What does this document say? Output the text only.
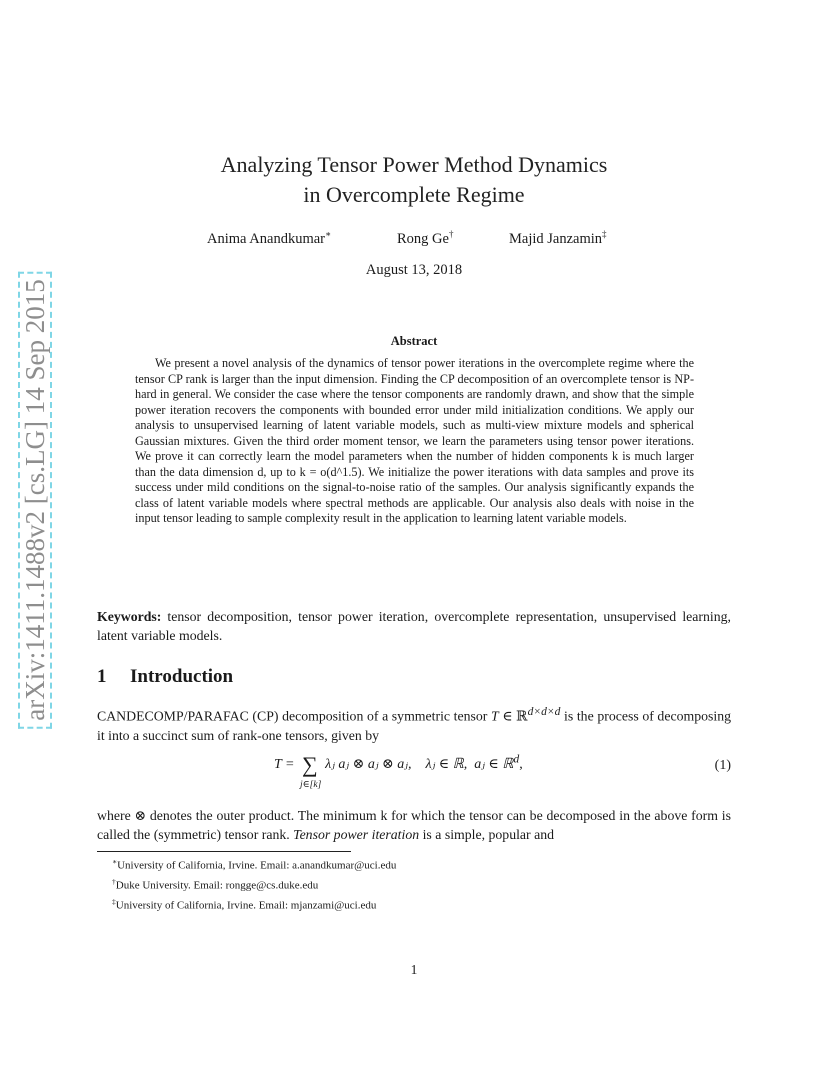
arXiv:1411.1488v2 [cs.LG] 14 Sep 2015
Analyzing Tensor Power Method Dynamics
in Overcomplete Regime
Anima Anandkumar∗	Rong Ge†	Majid Janzamin‡
August 13, 2018
Abstract

We present a novel analysis of the dynamics of tensor power iterations in the overcomplete regime where the tensor CP rank is larger than the input dimension. Finding the CP decomposition of an overcomplete tensor is NP-hard in general. We consider the case where the tensor components are randomly drawn, and show that the simple power iteration recovers the components with bounded error under mild initialization conditions. We apply our analysis to unsupervised learning of latent variable models, such as multi-view mixture models and spherical Gaussian mixtures. Given the third order moment tensor, we learn the parameters using tensor power iterations. We prove it can correctly learn the model parameters when the number of hidden components k is much larger than the data dimension d, up to k = o(d^1.5). We initialize the power iterations with data samples and prove its success under mild conditions on the signal-to-noise ratio of the samples. Our analysis significantly expands the class of latent variable models where spectral methods are applicable. Our analysis also deals with noise in the input tensor leading to sample complexity result in the application to learning latent variable models.

Keywords: tensor decomposition, tensor power iteration, overcomplete representation, unsupervised learning, latent variable models.

1 Introduction

CANDECOMP/PARAFAC (CP) decomposition of a symmetric tensor T ∈ ℝ$^{d\times d\times d}$ is the process of decomposing it into a succinct sum of rank-one tensors, given by

T = ∑
j∈[k]
λⱼ aⱼ ⊗ aⱼ ⊗ aⱼ, λⱼ ∈ ℝ, aⱼ ∈ ℝ$^d$,	(1)

where ⊗ denotes the outer product. The minimum k for which the tensor can be decomposed in the above form is called the (symmetric) tensor rank. Tensor power iteration is a simple, popular and

∗University of California, Irvine. Email: a.anandkumar@uci.edu
†Duke University. Email: rongge@cs.duke.edu
‡University of California, Irvine. Email: mjanzami@uci.edu
1
